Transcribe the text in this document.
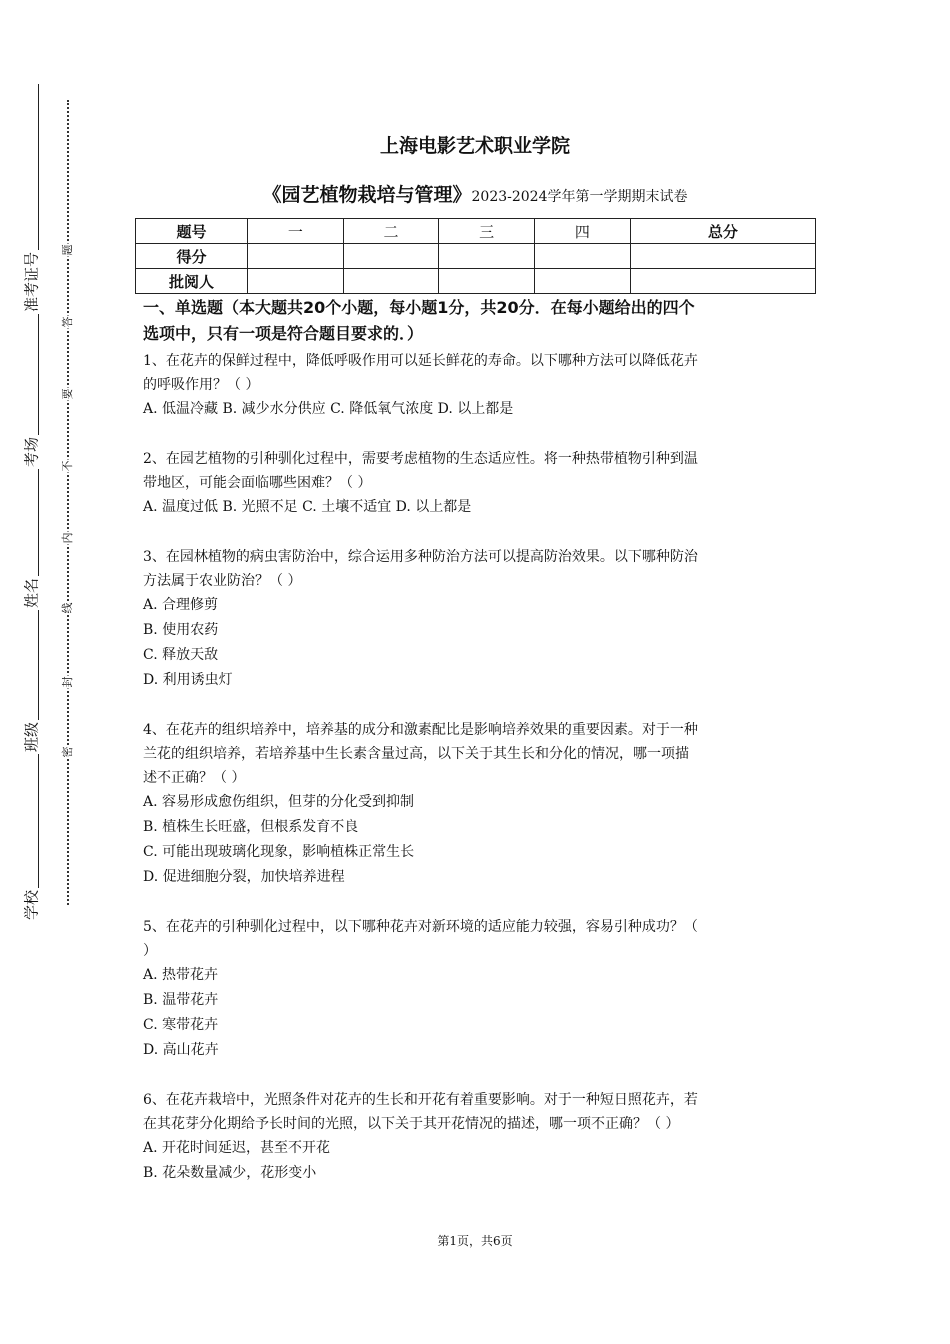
准考证号
考场
姓名
班级
学校
题
答
要
不
内
线
封
密
上海电影艺术职业学院
《园艺植物栽培与管理》2023-2024学年第一学期期末试卷
题号	一	二	三	四	总分
得分					
批阅人					
一、单选题（本大题共20个小题，每小题1分，共20分．在每小题给出的四个
选项中，只有一项是符合题目要求的．）
1、在花卉的保鲜过程中，降低呼吸作用可以延长鲜花的寿命。以下哪种方法可以降低花卉
的呼吸作用？（ ）
A. 低温冷藏 B. 减少水分供应 C. 降低氧气浓度 D. 以上都是
2、在园艺植物的引种驯化过程中，需要考虑植物的生态适应性。将一种热带植物引种到温
带地区，可能会面临哪些困难？（ ）
A. 温度过低 B. 光照不足 C. 土壤不适宜 D. 以上都是
3、在园林植物的病虫害防治中，综合运用多种防治方法可以提高防治效果。以下哪种防治
方法属于农业防治？（ ）
A. 合理修剪
B. 使用农药
C. 释放天敌
D. 利用诱虫灯
4、在花卉的组织培养中，培养基的成分和激素配比是影响培养效果的重要因素。对于一种
兰花的组织培养，若培养基中生长素含量过高，以下关于其生长和分化的情况，哪一项描
述不正确？（ ）
A. 容易形成愈伤组织，但芽的分化受到抑制
B. 植株生长旺盛，但根系发育不良
C. 可能出现玻璃化现象，影响植株正常生长
D. 促进细胞分裂，加快培养进程
5、在花卉的引种驯化过程中，以下哪种花卉对新环境的适应能力较强，容易引种成功？（
）
A. 热带花卉
B. 温带花卉
C. 寒带花卉
D. 高山花卉
6、在花卉栽培中，光照条件对花卉的生长和开花有着重要影响。对于一种短日照花卉，若
在其花芽分化期给予长时间的光照，以下关于其开花情况的描述，哪一项不正确？（ ）
A. 开花时间延迟，甚至不开花
B. 花朵数量减少，花形变小
第1页，共6页
